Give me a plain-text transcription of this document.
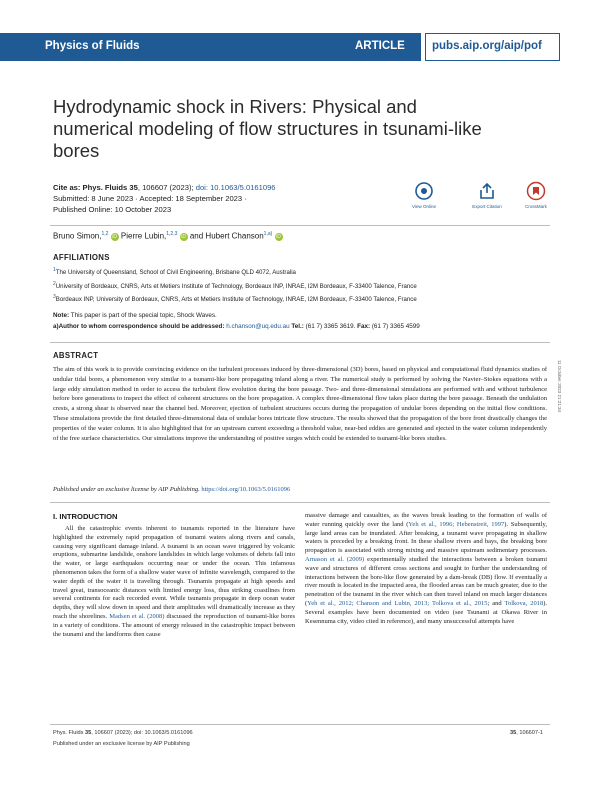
Physics of Fluids	ARTICLE pubs.aip.org/aip/pof
Hydrodynamic shock in Rivers: Physical and numerical modeling of flow structures in tsunami-like bores
Cite as: Phys. Fluids 35, 106607 (2023); doi: 10.1063/5.0161096
Submitted: 8 June 2023 · Accepted: 18 September 2023 ·
Published Online: 10 October 2023	View Online	Export Citation	CrossMark
Bruno Simon,$^{1,2}$ iD Pierre Lubin,$^{1,2,3}$ iD and Hubert Chanson$^{1,a)}$ iD
AFFILIATIONS
$^1$The University of Queensland, School of Civil Engineering, Brisbane QLD 4072, Australia
$^2$University of Bordeaux, CNRS, Arts et Metiers Institute of Technology, Bordeaux INP, INRAE, I2M Bordeaux, F-33400 Talence, France
$^3$Bordeaux INP, University of Bordeaux, CNRS, Arts et Metiers Institute of Technology, INRAE, I2M Bordeaux, F-33400 Talence, France
Note: This paper is part of the special topic, Shock Waves.
a)Author to whom correspondence should be addressed: h.chanson@uq.edu.au Tel.: (61 7) 3365 3619. Fax: (61 7) 3365 4599
ABSTRACT
The aim of this work is to provide convincing evidence on the turbulent processes induced by three-dimensional (3D) bores, based on physical and computational fluid dynamics studies of undular tidal bores, a phenomenon very similar to a tsunami-like bore propagating inland along a river. The numerical study is performed by solving the Navier–Stokes equations with a large eddy simulation method in order to access the turbulent flow evolution during the bore passage. Two- and three-dimensional simulations are performed with and without turbulence before bore generations to inspect the effect of coherent structures on the bore propagation. A complex three-dimensional flow takes place during the bore passage. Beneath the undulation crests, a strong shear is observed near the channel bed. Moreover, ejection of turbulent structures occurs during the propagation of undular bores depending on the initial flow conditions. These simulations provide the first detailed three-dimensional data of undular bores intricate flow structure. The results showed that the propagation of the bore front drastically changes the properties of the water column. It is also highlighted that for an upstream current exceeding a threshold value, near-bed eddies are generated and ejected in the water column independently of the free surface characteristics. Our simulations improve the understanding of positive surges which could be extended to tsunami-like bores studies.
Published under an exclusive license by AIP Publishing. https://doi.org/10.1063/5.0161096
11 October 2023 21:21:34
I. INTRODUCTION
All the catastrophic events inherent to tsunamis reported in the literature have highlighted the extremely rapid propagation of tsunami waters along rivers and canals, causing very significant damage inland. A tsunami is an ocean wave triggered by volcanic eruptions, submarine landslide, onshore landslides in which large volumes of debris fall into the water, or large earthquakes occurring near or under the ocean. This infamous phenomenon takes the form of a shallow water wave of infinite wavelength, compared to the water depth of the water it is traveling through. Tsunamis propagate at high speeds and travel great, transoceanic distances with limited energy loss, thus striking coastlines from several continents for each recorded event. While tsunamis propagate in deep ocean water depths, they will slow down in speed and their amplitudes will dramatically increase as they reach the shorelines. Madsen et al. (2008) discussed the reproduction of tsunami-like bores in a variety of conditions. The amount of energy released in the catastrophic impact between the tsunami and the landforms then cause
massive damage and casualties, as the waves break leading to the formation of walls of water running quickly over the land (Yeh et al., 1996; Hebenstreit, 1997). Subsequently, large land areas can be inundated. After breaking, a tsunami wave propagating in shallow waters is preceded by a breaking front. In these shallow rivers and bays, the breaking bore propagation is associated with strong mixing and massive upstream sedimentary processes. Arnason et al. (2009) experimentally studied the interactions between a broken tsunami wave and structures of different cross sections and sought to further the understanding of interactions between the bore-like flow generated by a dam-break (DB) flow. If eventually a river mouth is located in the impacted area, the flooded areas can be much greater, due to the penetration of the tsunami in the river which can then travel inland on much larger distances (Yeh et al., 2012; Chanson and Lubin, 2013; Tolkova et al., 2015; and Tolkova, 2018). Several examples have been documented on video (see Tsunami at Okawa River in Kesennuma city, video cited in reference), and many unsuccessful attempts have
Phys. Fluids 35, 106607 (2023); doi: 10.1063/5.0161096
Published under an exclusive license by AIP Publishing
35, 106607-1
